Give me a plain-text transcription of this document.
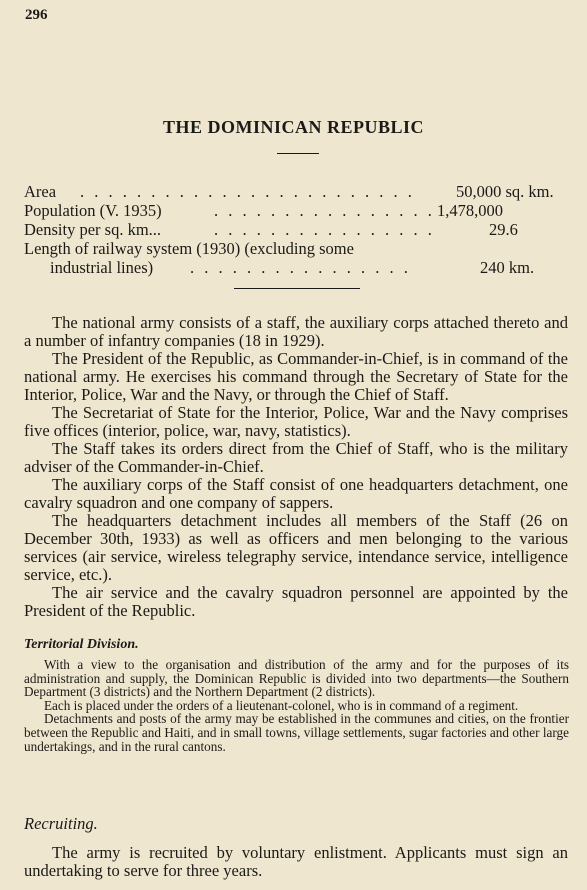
296
THE DOMINICAN REPUBLIC
Area . . . . . . . . . . . . . . . . . . . . . . . . 50,000 sq. km.
Population (V. 1935)	. . . . . . . . . . . . . . . . 1,478,000
Density per sq. km...	. . . . . . . . . . . . . . . .	29.6
Length of railway system (1930) (excluding some
industrial lines) . . . . . . . . . . . . . . . .	240 km.

The national army consists of a staff, the auxiliary corps attached thereto and a number of infantry companies (18 in 1929).

The President of the Republic, as Commander-in-Chief, is in command of the national army. He exercises his command through the Secretary of State for the Interior, Police, War and the Navy, or through the Chief of Staff.

The Secretariat of State for the Interior, Police, War and the Navy comprises five offices (interior, police, war, navy, statistics).

The Staff takes its orders direct from the Chief of Staff, who is the military adviser of the Commander-in-Chief.

The auxiliary corps of the Staff consist of one headquarters detachment, one cavalry squadron and one company of sappers.

The headquarters detachment includes all members of the Staff (26 on December 30th, 1933) as well as officers and men belonging to the various services (air service, wireless telegraphy service, intendance service, intelligence service, etc.).

The air service and the cavalry squadron personnel are appointed by the President of the Republic.

Territorial Division.

With a view to the organisation and distribution of the army and for the purposes of its administration and supply, the Dominican Republic is divided into two departments—the Southern Department (3 districts) and the Northern Department (2 districts).

Each is placed under the orders of a lieutenant-colonel, who is in command of a regiment.

Detachments and posts of the army may be established in the communes and cities, on the frontier between the Republic and Haiti, and in small towns, village settlements, sugar factories and other large undertakings, and in the rural cantons.

Recruiting.

The army is recruited by voluntary enlistment. Applicants must sign an undertaking to serve for three years.
